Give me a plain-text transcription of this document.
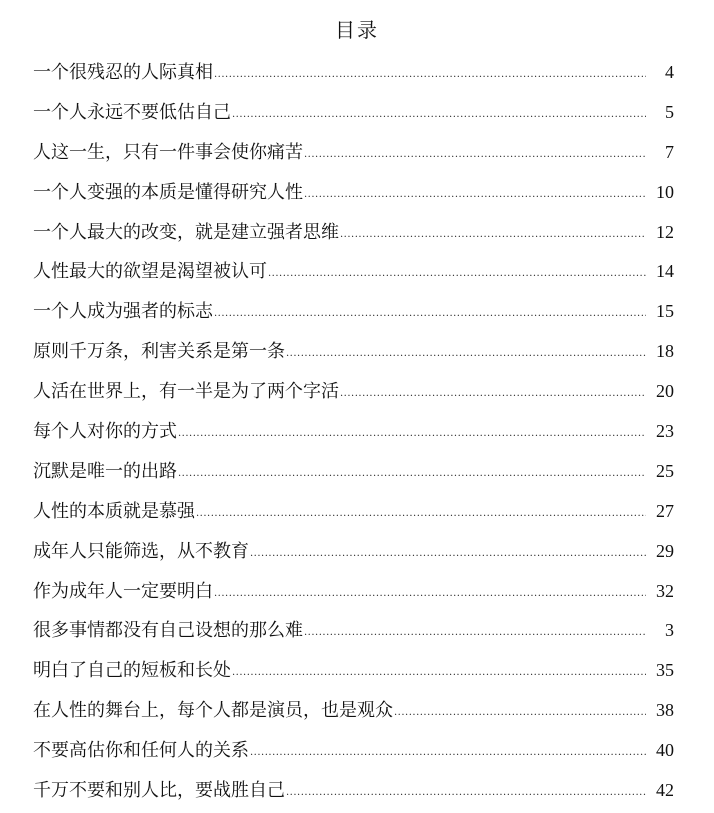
目录
一个很残忍的人际真相 .....	4
一个人永远不要低估自己 .....	5
人这一生，只有一件事会使你痛苦 .....	7
一个人变强的本质是懂得研究人性 .....	10
一个人最大的改变，就是建立强者思维 .....	12
人性最大的欲望是渴望被认可 .....	14
一个人成为强者的标志 .....	15
原则千万条，利害关系是第一条 .....	18
人活在世界上，有一半是为了两个字活 .....	20
每个人对你的方式 .....	23
沉默是唯一的出路 .....	25
人性的本质就是慕强 .....	27
成年人只能筛选，从不教育 .....	29
作为成年人一定要明白 .....	32
很多事情都没有自己设想的那么难 .....	3
明白了自己的短板和长处 .....	35
在人性的舞台上，每个人都是演员，也是观众 .....	38
不要高估你和任何人的关系 .....	40
千万不要和别人比，要战胜自己 .....	42
